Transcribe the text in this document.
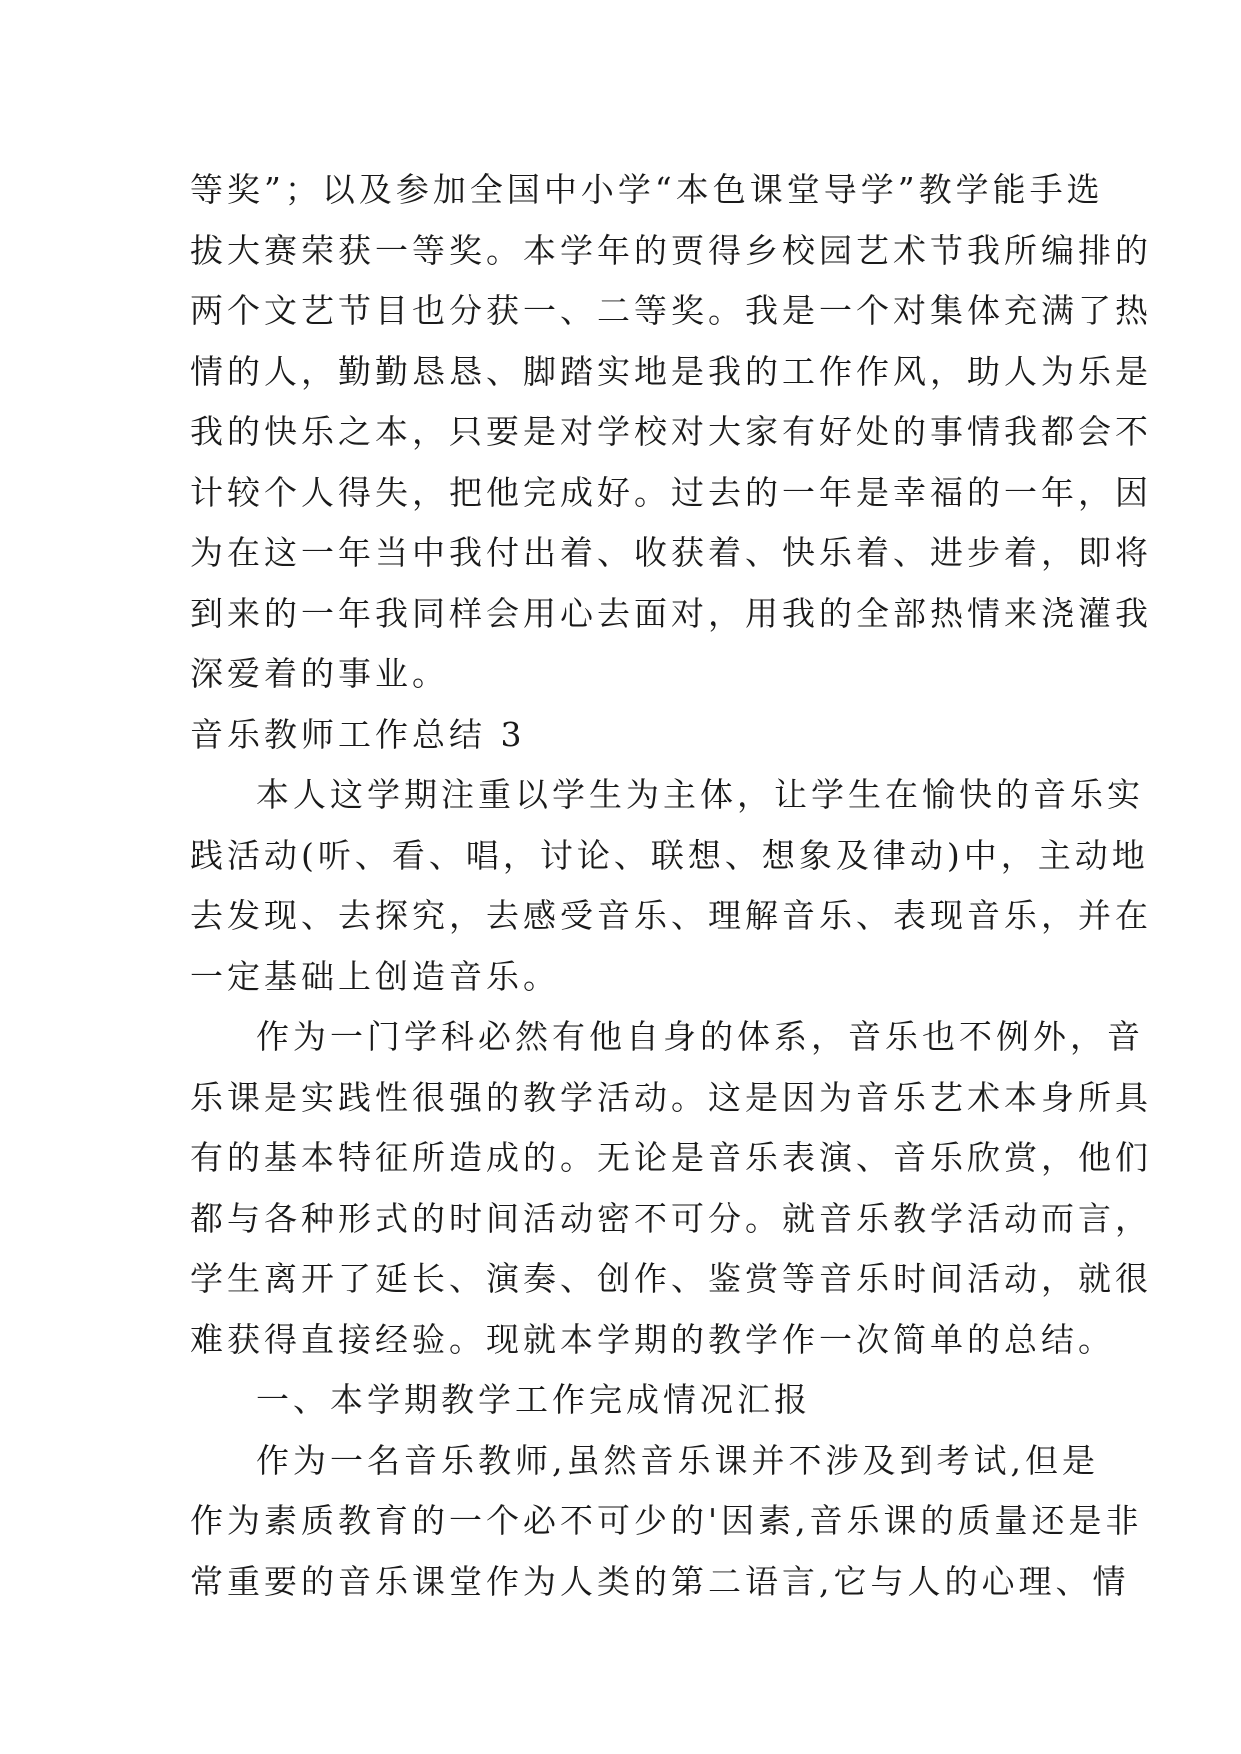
等奖”；以及参加全国中小学“本色课堂导学”教学能手选
拔大赛荣获一等奖。本学年的贾得乡校园艺术节我所编排的
两个文艺节目也分获一、二等奖。我是一个对集体充满了热
情的人，勤勤恳恳、脚踏实地是我的工作作风，助人为乐是
我的快乐之本，只要是对学校对大家有好处的事情我都会不
计较个人得失，把他完成好。过去的一年是幸福的一年，因
为在这一年当中我付出着、收获着、快乐着、进步着，即将
到来的一年我同样会用心去面对，用我的全部热情来浇灌我
深爱着的事业。
音乐教师工作总结 3
本人这学期注重以学生为主体，让学生在愉快的音乐实
践活动(听、看、唱，讨论、联想、想象及律动)中，主动地
去发现、去探究，去感受音乐、理解音乐、表现音乐，并在
一定基础上创造音乐。
作为一门学科必然有他自身的体系，音乐也不例外，音
乐课是实践性很强的教学活动。这是因为音乐艺术本身所具
有的基本特征所造成的。无论是音乐表演、音乐欣赏，他们
都与各种形式的时间活动密不可分。就音乐教学活动而言，
学生离开了延长、演奏、创作、鉴赏等音乐时间活动，就很
难获得直接经验。现就本学期的教学作一次简单的总结。
一、本学期教学工作完成情况汇报
作为一名音乐教师,虽然音乐课并不涉及到考试,但是
作为素质教育的一个必不可少的'因素,音乐课的质量还是非
常重要的音乐课堂作为人类的第二语言,它与人的心理、情
